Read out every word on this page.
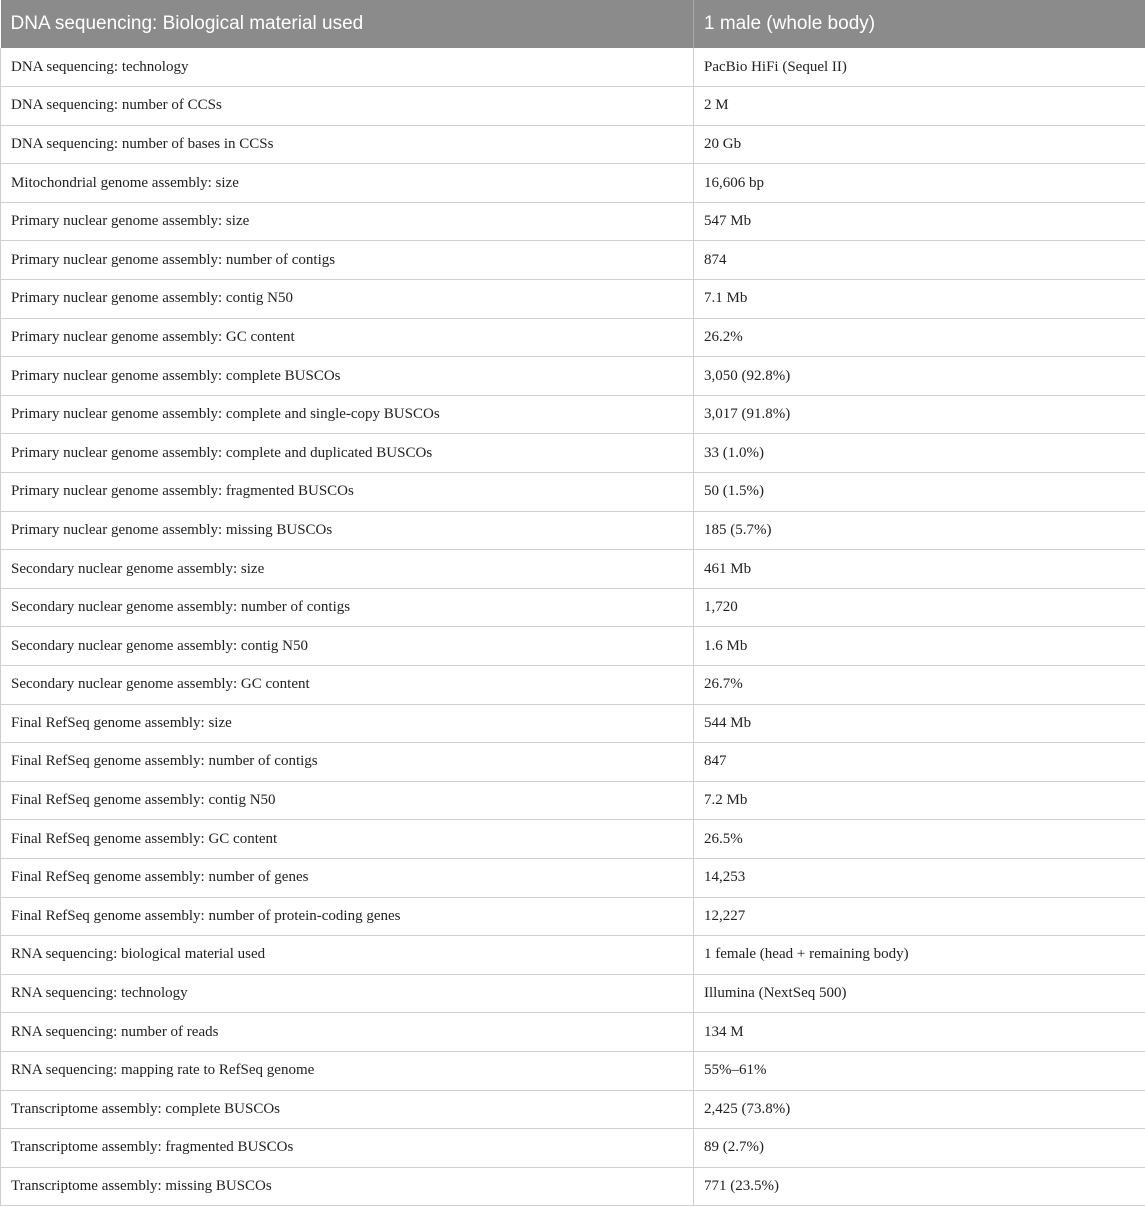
DNA sequencing: Biological material used	1 male (whole body)
DNA sequencing: technology	PacBio HiFi (Sequel II)
DNA sequencing: number of CCSs	2 M
DNA sequencing: number of bases in CCSs	20 Gb
Mitochondrial genome assembly: size	16,606 bp
Primary nuclear genome assembly: size	547 Mb
Primary nuclear genome assembly: number of contigs	874
Primary nuclear genome assembly: contig N50	7.1 Mb
Primary nuclear genome assembly: GC content	26.2%
Primary nuclear genome assembly: complete BUSCOs	3,050 (92.8%)
Primary nuclear genome assembly: complete and single-copy BUSCOs	3,017 (91.8%)
Primary nuclear genome assembly: complete and duplicated BUSCOs	33 (1.0%)
Primary nuclear genome assembly: fragmented BUSCOs	50 (1.5%)
Primary nuclear genome assembly: missing BUSCOs	185 (5.7%)
Secondary nuclear genome assembly: size	461 Mb
Secondary nuclear genome assembly: number of contigs	1,720
Secondary nuclear genome assembly: contig N50	1.6 Mb
Secondary nuclear genome assembly: GC content	26.7%
Final RefSeq genome assembly: size	544 Mb
Final RefSeq genome assembly: number of contigs	847
Final RefSeq genome assembly: contig N50	7.2 Mb
Final RefSeq genome assembly: GC content	26.5%
Final RefSeq genome assembly: number of genes	14,253
Final RefSeq genome assembly: number of protein-coding genes	12,227
RNA sequencing: biological material used	1 female (head + remaining body)
RNA sequencing: technology	Illumina (NextSeq 500)
RNA sequencing: number of reads	134 M
RNA sequencing: mapping rate to RefSeq genome	55%–61%
Transcriptome assembly: complete BUSCOs	2,425 (73.8%)
Transcriptome assembly: fragmented BUSCOs	89 (2.7%)
Transcriptome assembly: missing BUSCOs	771 (23.5%)
